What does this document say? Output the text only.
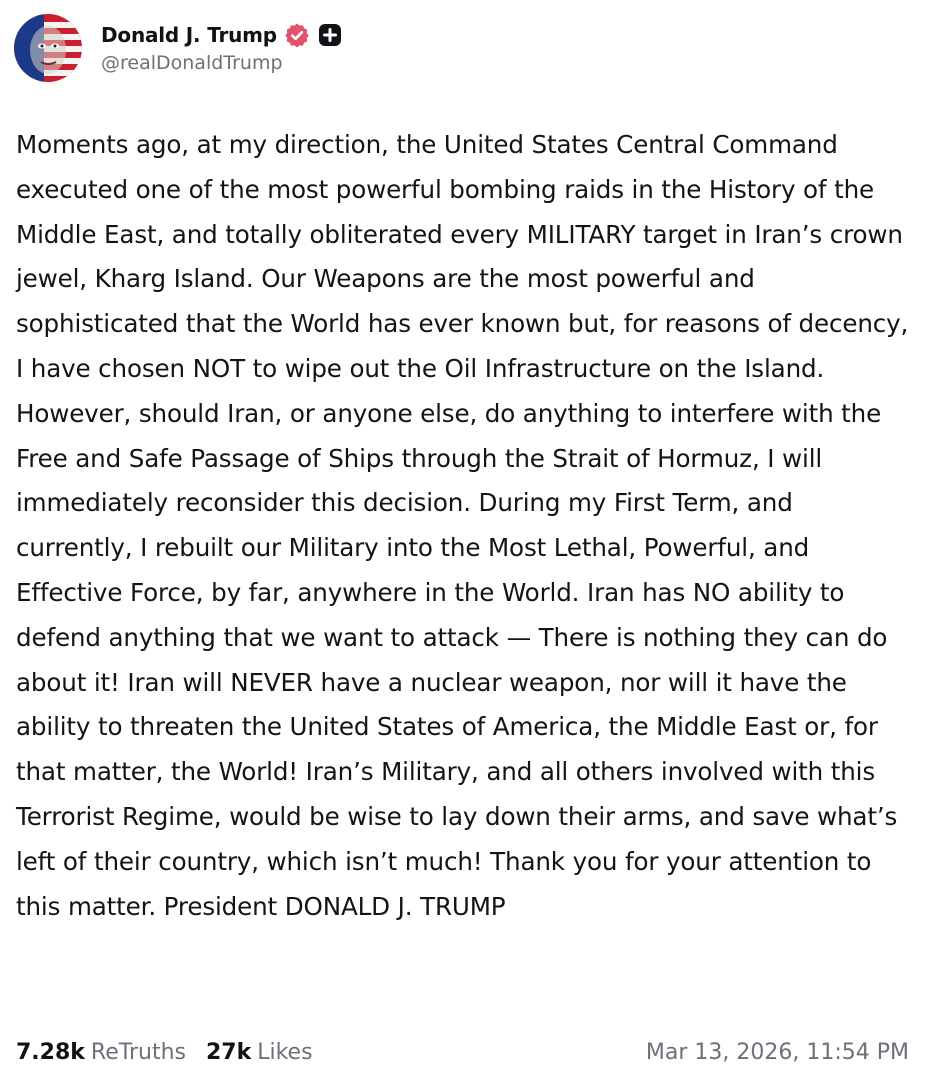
Donald J. Trump
@realDonaldTrump
Moments ago, at my direction, the United States Central Command executed one of the most powerful bombing raids in the History of the Middle East, and totally obliterated every MILITARY target in Iran’s crown jewel, Kharg Island. Our Weapons are the most powerful and sophisticated that the World has ever known but, for reasons of decency, I have chosen NOT to wipe out the Oil Infrastructure on the Island. However, should Iran, or anyone else, do anything to interfere with the Free and Safe Passage of Ships through the Strait of Hormuz, I will immediately reconsider this decision. During my First Term, and currently, I rebuilt our Military into the Most Lethal, Powerful, and Effective Force, by far, anywhere in the World. Iran has NO ability to defend anything that we want to attack — There is nothing they can do about it! Iran will NEVER have a nuclear weapon, nor will it have the ability to threaten the United States of America, the Middle East or, for that matter, the World! Iran’s Military, and all others involved with this Terrorist Regime, would be wise to lay down their arms, and save what’s left of their country, which isn’t much! Thank you for your attention to this matter. President DONALD J. TRUMP
7.28k ReTruths 27k Likes	Mar 13, 2026, 11:54 PM
